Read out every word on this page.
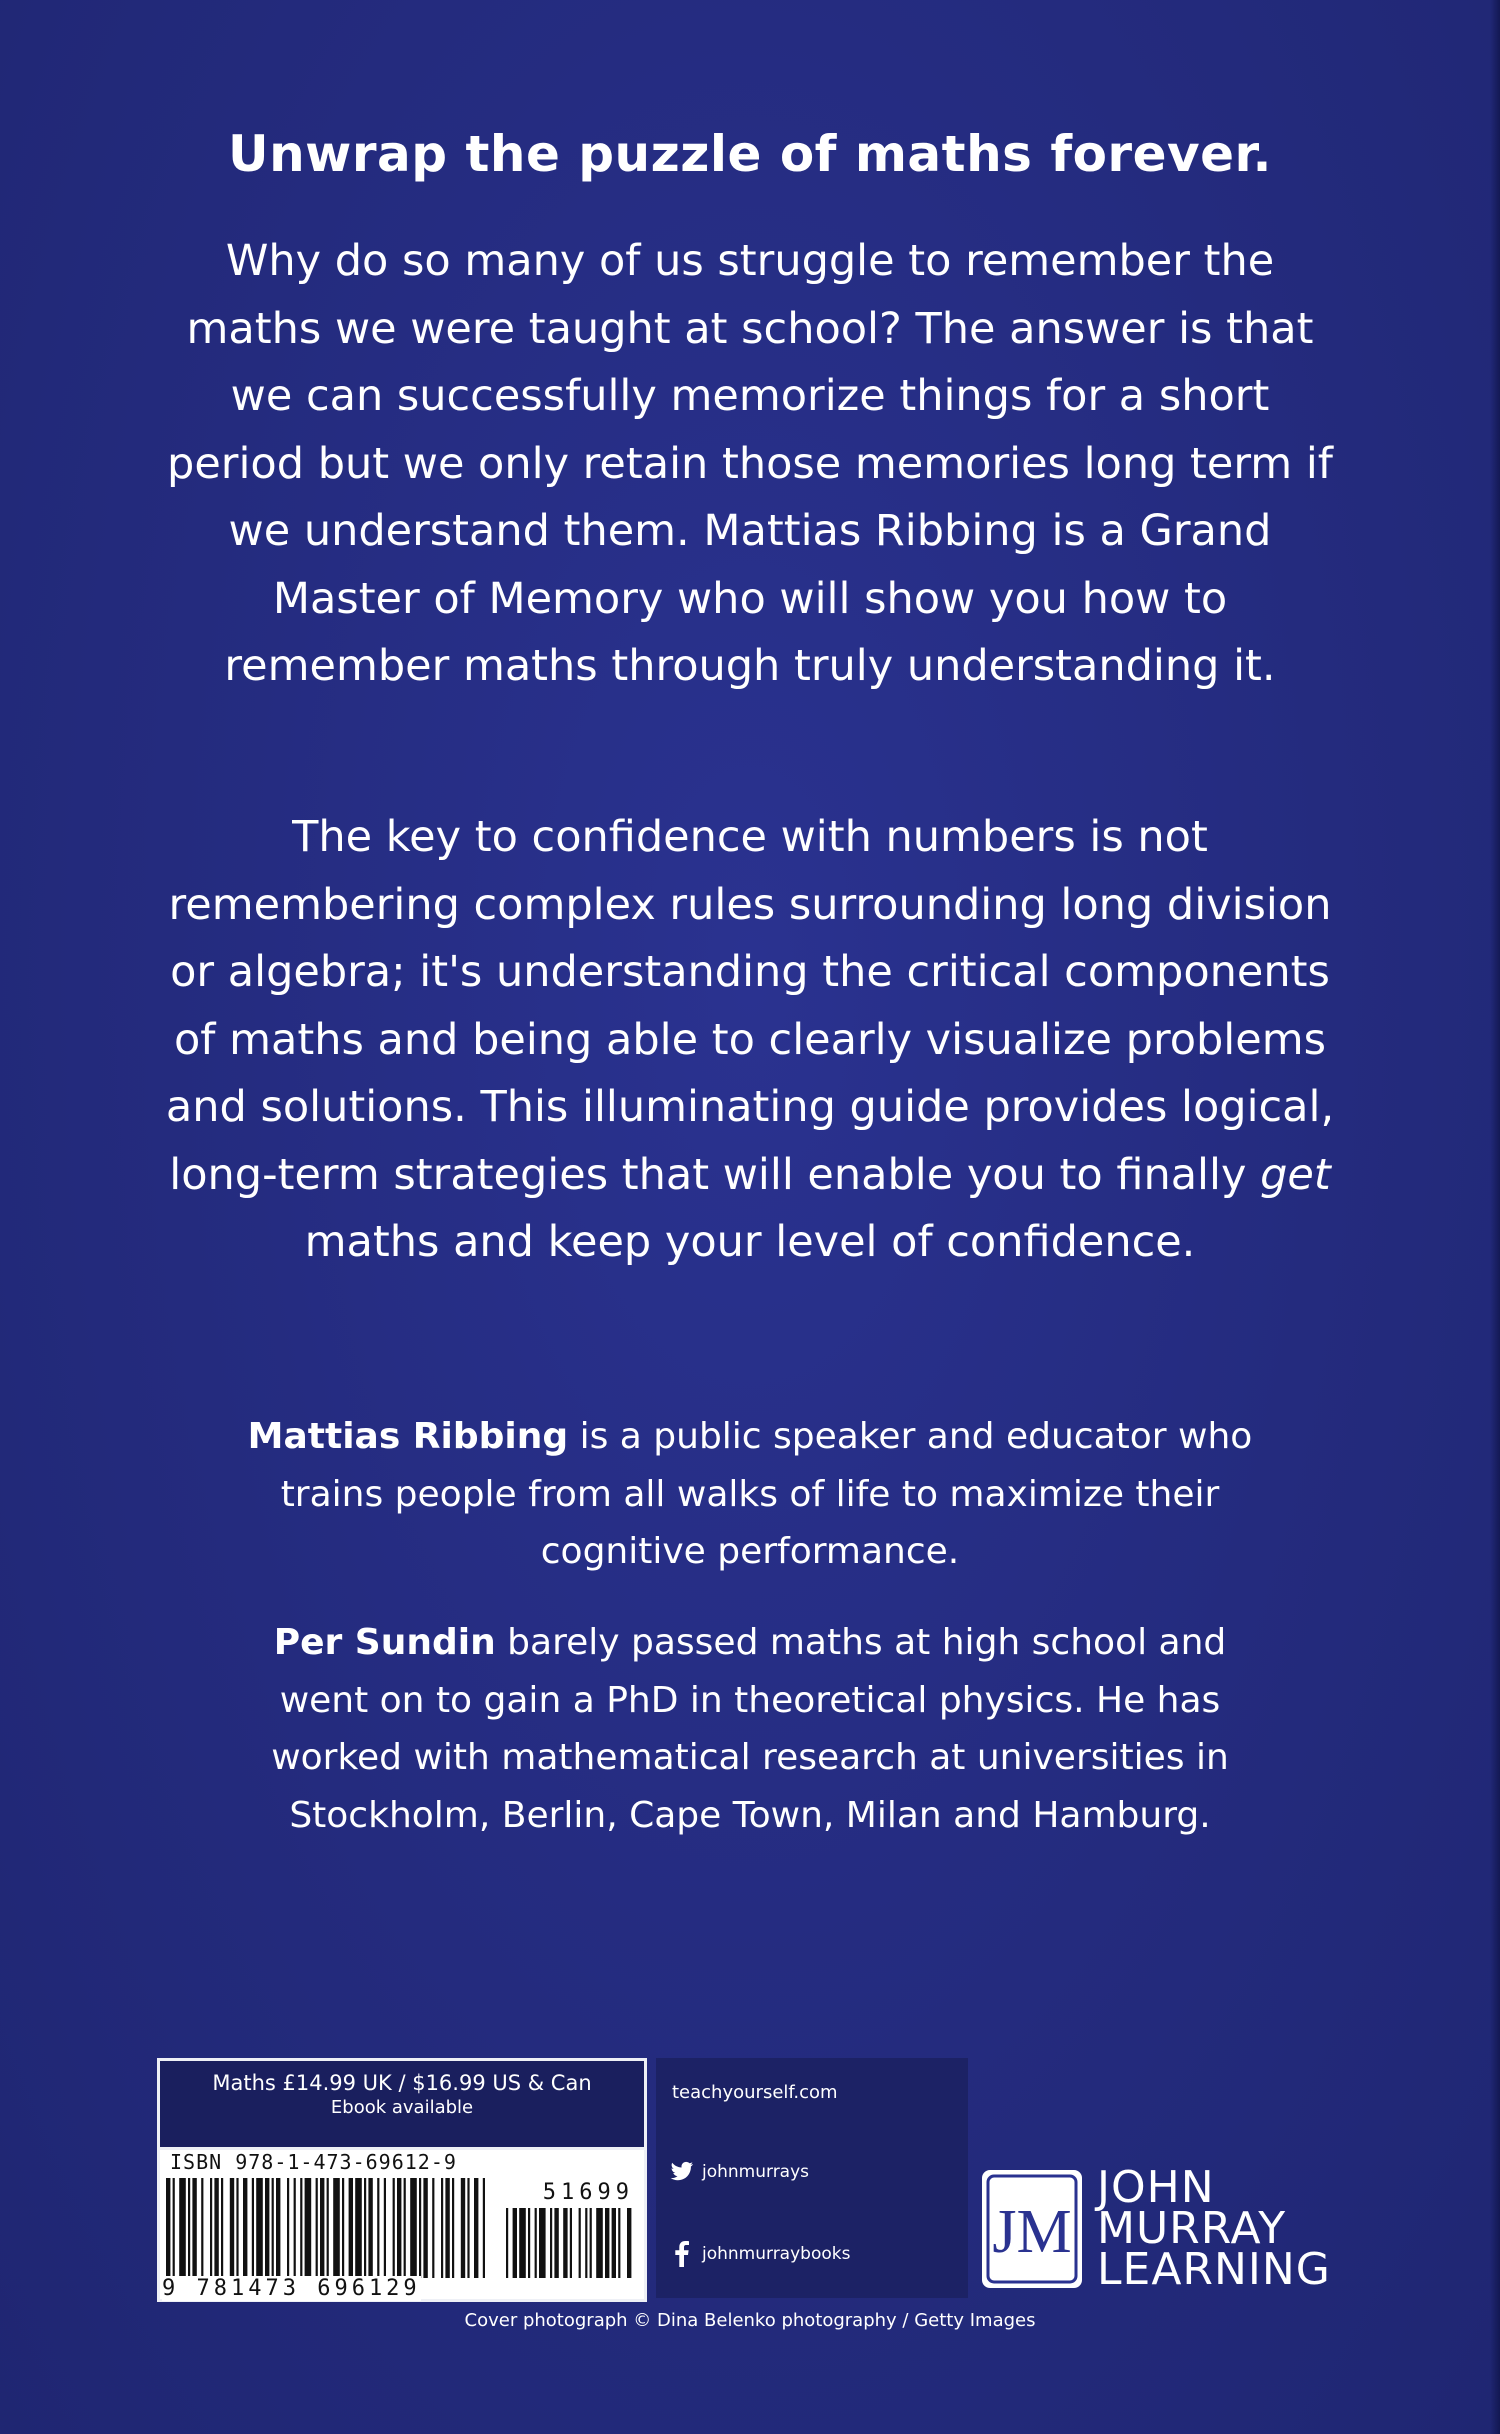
Unwrap the puzzle of maths forever.
Why do so many of us struggle to remember the maths we were taught at school? The answer is that we can successfully memorize things for a short period but we only retain those memories long term if we understand them. Mattias Ribbing is a Grand Master of Memory who will show you how to remember maths through truly understanding it.
The key to confidence with numbers is not remembering complex rules surrounding long division or algebra; it's understanding the critical components of maths and being able to clearly visualize problems and solutions. This illuminating guide provides logical, long-term strategies that will enable you to finally get maths and keep your level of confidence.
Mattias Ribbing is a public speaker and educator who trains people from all walks of life to maximize their cognitive performance.
Per Sundin barely passed maths at high school and went on to gain a PhD in theoretical physics. He has worked with mathematical research at universities in Stockholm, Berlin, Cape Town, Milan and Hamburg.
Maths £14.99 UK / $16.99 US & Can
Ebook available
ISBN 978-1-473-69612-9
51699
9 781473 696129
teachyourself.com
johnmurrays
johnmurraybooks JM
JOHN
MURRAY
LEARNING
Cover photograph © Dina Belenko photography / Getty Images
